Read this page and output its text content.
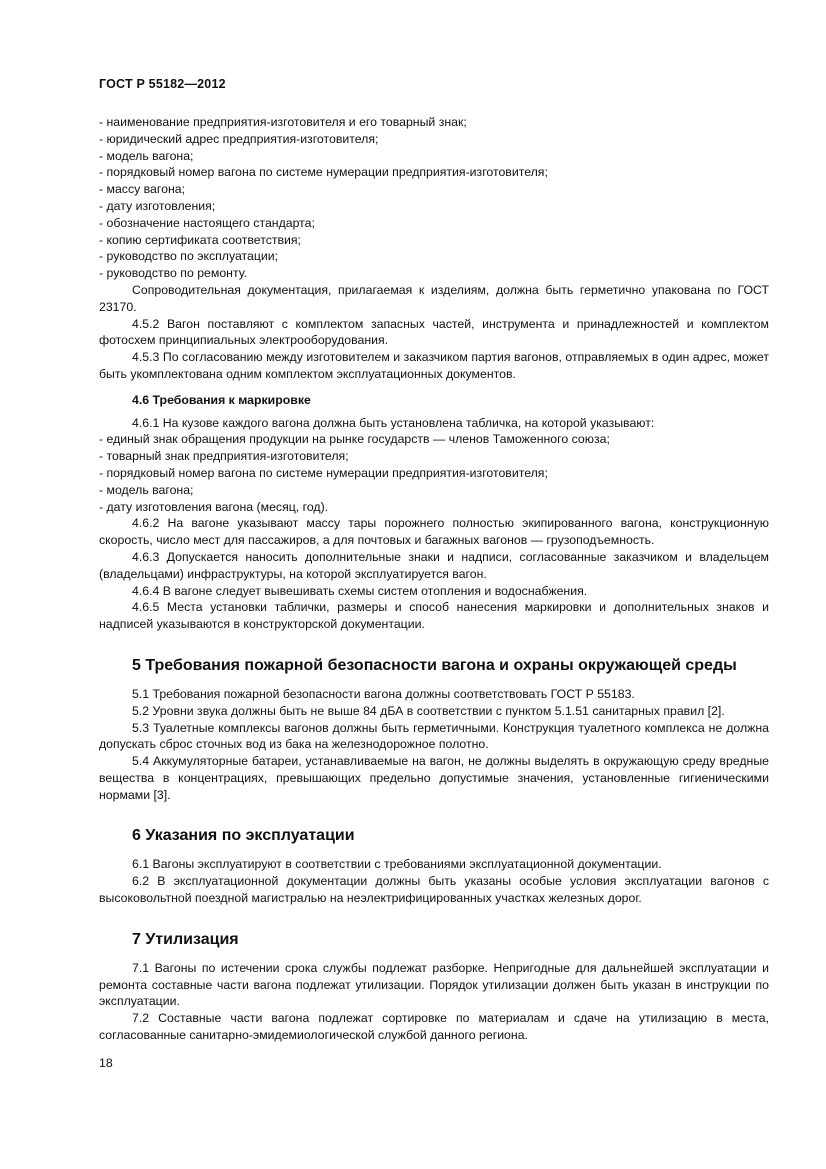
ГОСТ Р 55182—2012

- наименование предприятия-изготовителя и его товарный знак;

- юридический адрес предприятия-изготовителя;

- модель вагона;

- порядковый номер вагона по системе нумерации предприятия-изготовителя;

- массу вагона;

- дату изготовления;

- обозначение настоящего стандарта;

- копию сертификата соответствия;

- руководство по эксплуатации;

- руководство по ремонту.

Сопроводительная документация, прилагаемая к изделиям, должна быть герметично упакована по ГОСТ 23170.

4.5.2 Вагон поставляют с комплектом запасных частей, инструмента и принадлежностей и комплектом фотосхем принципиальных электрооборудования.

4.5.3 По согласованию между изготовителем и заказчиком партия вагонов, отправляемых в один адрес, может быть укомплектована одним комплектом эксплуатационных документов.

4.6 Требования к маркировке

4.6.1 На кузове каждого вагона должна быть установлена табличка, на которой указывают:

- единый знак обращения продукции на рынке государств — членов Таможенного союза;

- товарный знак предприятия-изготовителя;

- порядковый номер вагона по системе нумерации предприятия-изготовителя;

- модель вагона;

- дату изготовления вагона (месяц, год).

4.6.2 На вагоне указывают массу тары порожнего полностью экипированного вагона, конструкционную скорость, число мест для пассажиров, а для почтовых и багажных вагонов — грузоподъемность.

4.6.3 Допускается наносить дополнительные знаки и надписи, согласованные заказчиком и владельцем (владельцами) инфраструктуры, на которой эксплуатируется вагон.

4.6.4 В вагоне следует вывешивать схемы систем отопления и водоснабжения.

4.6.5 Места установки таблички, размеры и способ нанесения маркировки и дополнительных знаков и надписей указываются в конструкторской документации.

5 Требования пожарной безопасности вагона и охраны окружающей среды

5.1 Требования пожарной безопасности вагона должны соответствовать ГОСТ Р 55183.

5.2 Уровни звука должны быть не выше 84 дБА в соответствии с пунктом 5.1.51 санитарных правил [2].

5.3 Туалетные комплексы вагонов должны быть герметичными. Конструкция туалетного комплекса не должна допускать сброс сточных вод из бака на железнодорожное полотно.

5.4 Аккумуляторные батареи, устанавливаемые на вагон, не должны выделять в окружающую среду вредные вещества в концентрациях, превышающих предельно допустимые значения, установленные гигиеническими нормами [3].

6 Указания по эксплуатации

6.1 Вагоны эксплуатируют в соответствии с требованиями эксплуатационной документации.

6.2 В эксплуатационной документации должны быть указаны особые условия эксплуатации вагонов с высоковольтной поездной магистралью на неэлектрифицированных участках железных дорог.

7 Утилизация

7.1 Вагоны по истечении срока службы подлежат разборке. Непригодные для дальнейшей эксплуатации и ремонта составные части вагона подлежат утилизации. Порядок утилизации должен быть указан в инструкции по эксплуатации.

7.2 Составные части вагона подлежат сортировке по материалам и сдаче на утилизацию в места, согласованные санитарно-эмидемиологической службой данного региона.

18
